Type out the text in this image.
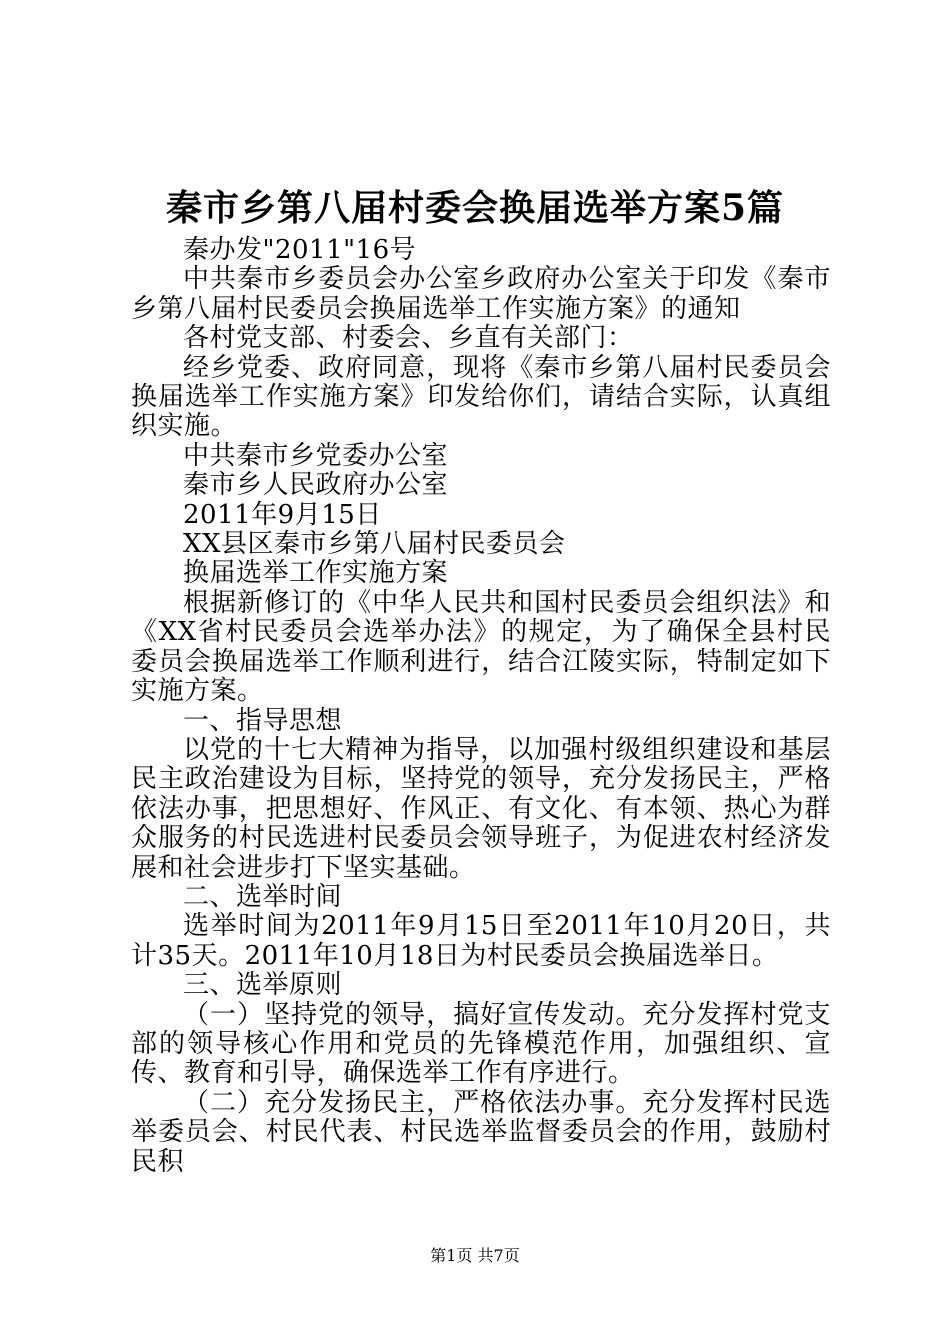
秦市乡第八届村委会换届选举方案5篇

秦办发"2011"16号

中共秦市乡委员会办公室乡政府办公室关于印发《秦市乡第八届村民委员会换届选举工作实施方案》的通知

各村党支部、村委会、乡直有关部门：

经乡党委、政府同意，现将《秦市乡第八届村民委员会换届选举工作实施方案》印发给你们，请结合实际，认真组织实施。

中共秦市乡党委办公室

秦市乡人民政府办公室

2011年9月15日

XX县区秦市乡第八届村民委员会

换届选举工作实施方案

根据新修订的《中华人民共和国村民委员会组织法》和《XX省村民委员会选举办法》的规定，为了确保全县村民委员会换届选举工作顺利进行，结合江陵实际，特制定如下实施方案。

一、指导思想

以党的十七大精神为指导，以加强村级组织建设和基层民主政治建设为目标，坚持党的领导，充分发扬民主，严格依法办事，把思想好、作风正、有文化、有本领、热心为群众服务的村民选进村民委员会领导班子，为促进农村经济发展和社会进步打下坚实基础。

二、选举时间

选举时间为2011年9月15日至2011年10月20日，共计35天。2011年10月18日为村民委员会换届选举日。

三、选举原则

（一）坚持党的领导，搞好宣传发动。充分发挥村党支部的领导核心作用和党员的先锋模范作用，加强组织、宣传、教育和引导，确保选举工作有序进行。

（二）充分发扬民主，严格依法办事。充分发挥村民选举委员会、村民代表、村民选举监督委员会的作用，鼓励村民积

第1页 共7页
